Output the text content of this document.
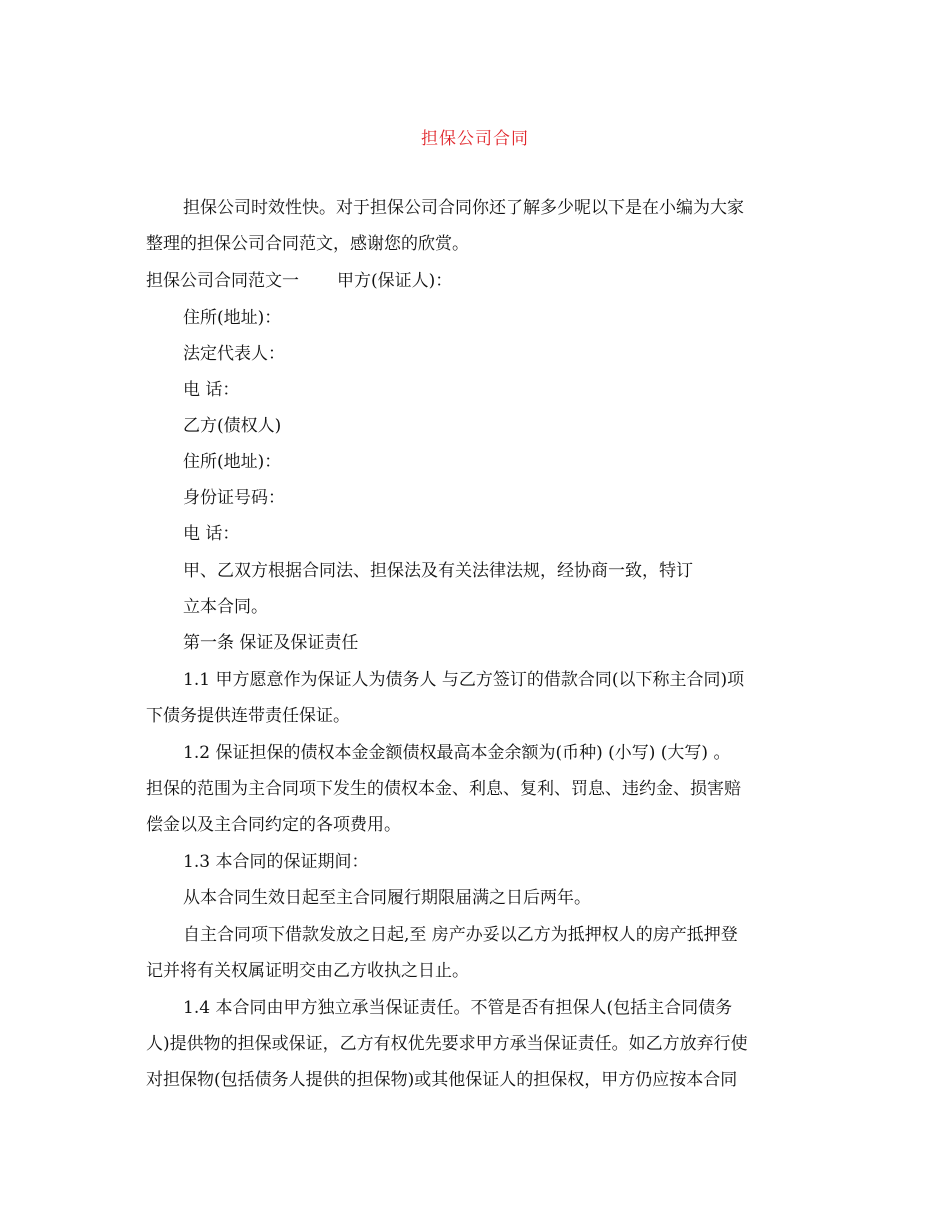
担保公司合同
担保公司时效性快。对于担保公司合同你还了解多少呢以下是在小编为大家
整理的担保公司合同范文，感谢您的欣赏。
担保公司合同范文一 甲方(保证人)：
住所(地址)：
法定代表人：
电 话：
乙方(债权人)
住所(地址)：
身份证号码：
电 话：
甲、乙双方根据合同法、担保法及有关法律法规，经协商一致，特订
立本合同。
第一条 保证及保证责任
1.1 甲方愿意作为保证人为债务人 与乙方签订的借款合同(以下称主合同)项
下债务提供连带责任保证。
1.2 保证担保的债权本金金额债权最高本金余额为(币种) (小写) (大写) 。
担保的范围为主合同项下发生的债权本金、利息、复利、罚息、违约金、损害赔
偿金以及主合同约定的各项费用。
1.3 本合同的保证期间：
从本合同生效日起至主合同履行期限届满之日后两年。
自主合同项下借款发放之日起,至 房产办妥以乙方为抵押权人的房产抵押登
记并将有关权属证明交由乙方收执之日止。
1.4 本合同由甲方独立承当保证责任。不管是否有担保人(包括主合同债务
人)提供物的担保或保证，乙方有权优先要求甲方承当保证责任。如乙方放弃行使
对担保物(包括债务人提供的担保物)或其他保证人的担保权，甲方仍应按本合同
